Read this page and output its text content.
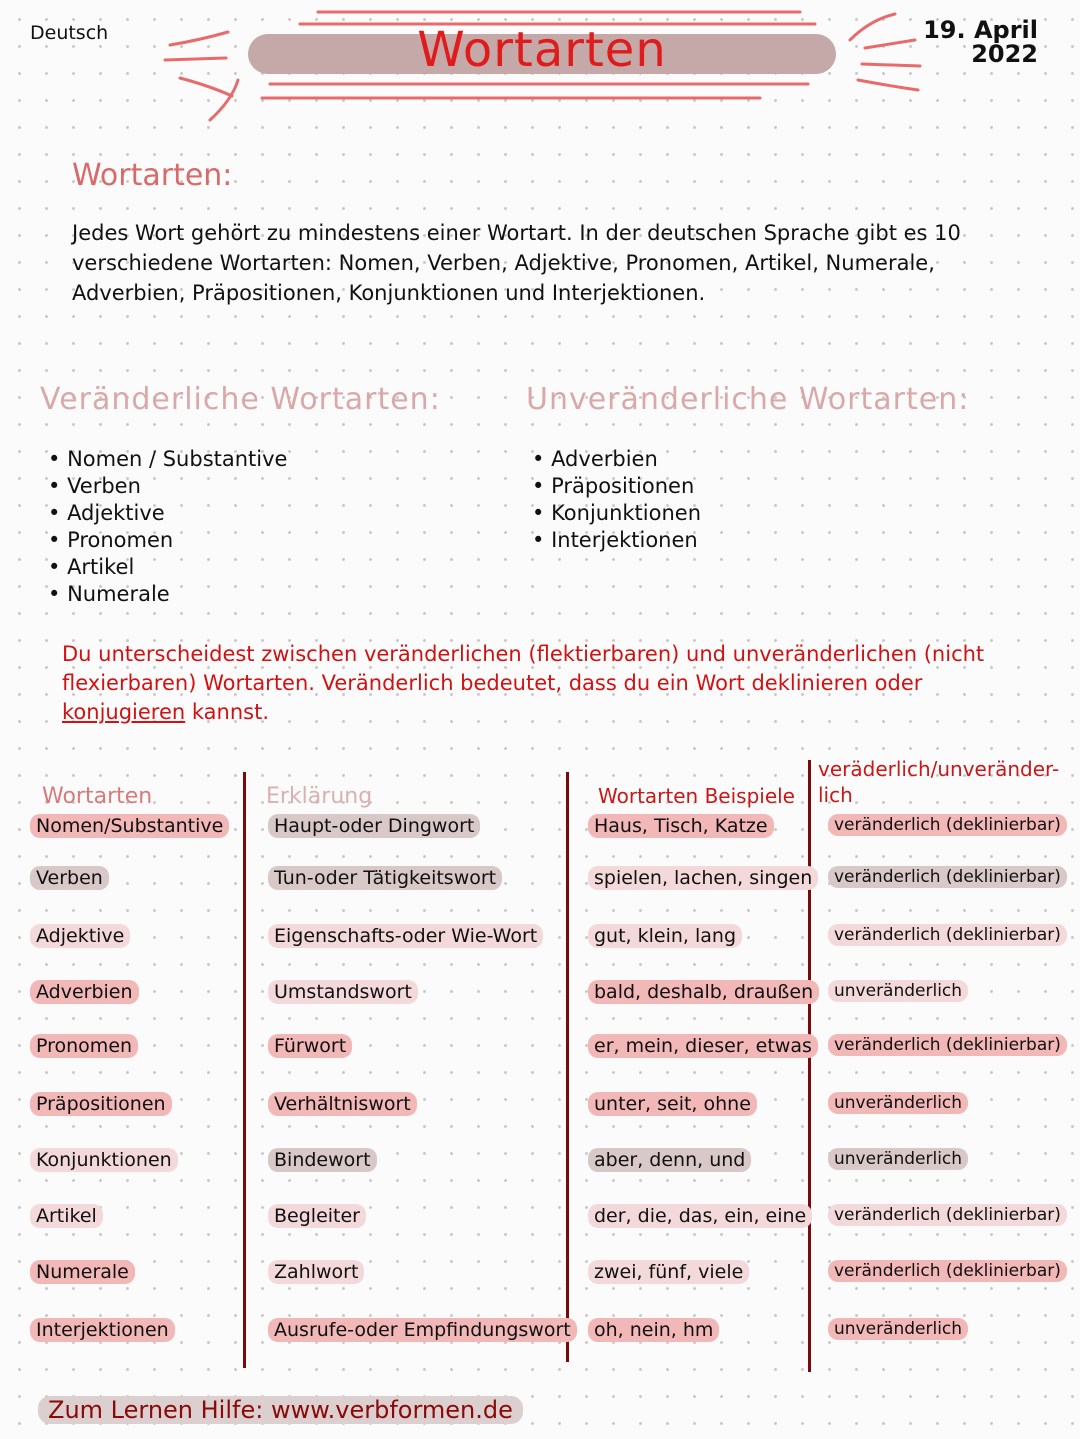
Deutsch	19. April
2022
Wortarten
Wortarten:
Jedes Wort gehört zu mindestens einer Wortart. In der deutschen Sprache gibt es 10 verschiedene Wortarten: Nomen, Verben, Adjektive, Pronomen, Artikel, Numerale, Adverbien, Präpositionen, Konjunktionen und Interjektionen.
Veränderliche Wortarten:
• Nomen / Substantive
• Verben
• Adjektive
• Pronomen
• Artikel
• Numerale
Unveränderliche Wortarten:
• Adverbien
• Präpositionen
• Konjunktionen
• Interjektionen
Du unterscheidest zwischen veränderlichen (flektierbaren) und unveränderlichen (nicht flexierbaren) Wortarten. Veränderlich bedeutet, dass du ein Wort deklinieren oder konjugieren kannst.
Wortarten	Erklärung	Wortarten Beispiele
veräderlich/unveränder-
lich
Nomen/Substantive	Haupt-oder Dingwort	Haus, Tisch, Katze	veränderlich (deklinierbar)
Verben	Tun-oder Tätigkeitswort	spielen, lachen, singen	veränderlich (deklinierbar)
Adjektive	Eigenschafts-oder Wie-Wort	gut, klein, lang	veränderlich (deklinierbar)
Adverbien	Umstandswort	bald, deshalb, draußen	unveränderlich
Pronomen	Fürwort	er, mein, dieser, etwas	veränderlich (deklinierbar)
Präpositionen	Verhältniswort	unter, seit, ohne	unveränderlich
Konjunktionen	Bindewort	aber, denn, und	unveränderlich
Artikel	Begleiter	der, die, das, ein, eine	veränderlich (deklinierbar)
Numerale	Zahlwort	zwei, fünf, viele	veränderlich (deklinierbar)
Interjektionen	Ausrufe-oder Empfindungswort	oh, nein, hm	unveränderlich
Zum Lernen Hilfe: www.verbformen.de
